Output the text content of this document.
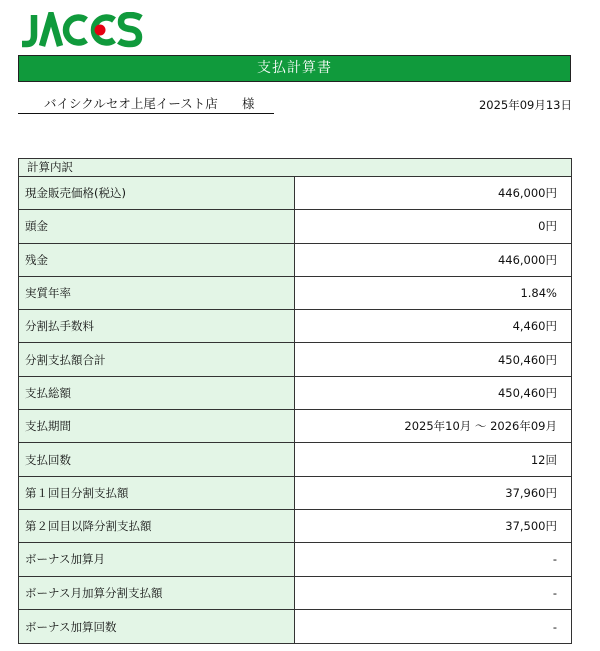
支払計算書
バイシクルセオ上尾イースト店 様	2025年09月13日
計算内訳
現金販売価格(税込)	446,000円
頭金	0円
残金	446,000円
実質年率	1.84%
分割払手数料	4,460円
分割支払額合計	450,460円
支払総額	450,460円
支払期間	2025年10月 ～ 2026年09月
支払回数	12回
第１回目分割支払額	37,960円
第２回目以降分割支払額	37,500円
ボーナス加算月	-
ボーナス月加算分割支払額	-
ボーナス加算回数	-
